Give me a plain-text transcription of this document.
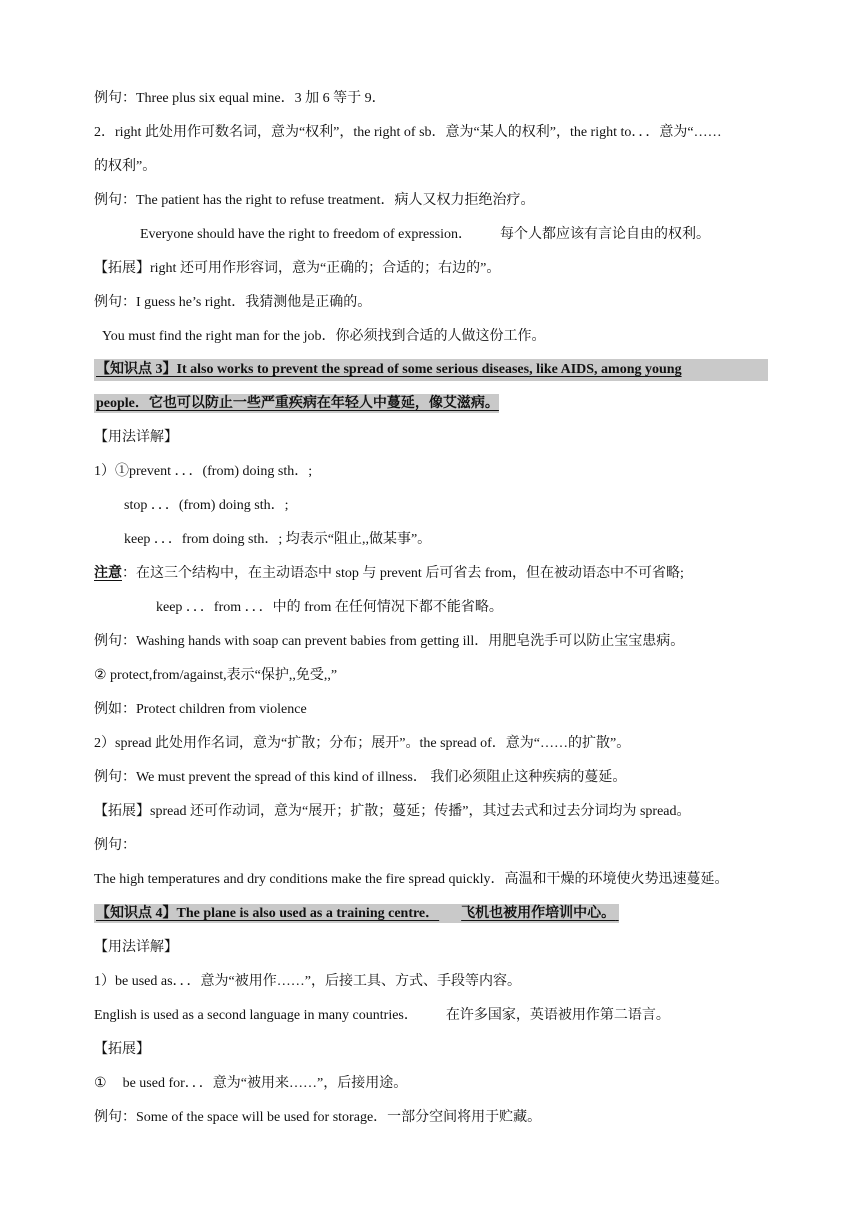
例句：Three plus six equal mine．3 加 6 等于 9．
2．right 此处用作可数名词，意为“权利”，the right of sb．意为“某人的权利”，the right to．．．意为“……
的权利”。
例句：The patient has the right to refuse treatment．病人又权力拒绝治疗。
Everyone should have the right to freedom of expression． 每个人都应该有言论自由的权利。
【拓展】right 还可用作形容词，意为“正确的；合适的；右边的”。
例句：I guess he’s right．我猜测他是正确的。
You must find the right man for the job．你必须找到合适的人做这份工作。
【知识点 3】It also works to prevent the spread of some serious diseases, like AIDS, among young
people．它也可以防止一些严重疾病在年轻人中蔓延，像艾滋病。
【用法详解】
1）①prevent ．．．(from) doing sth．;
stop ．．．(from) doing sth．;
keep ．．．from doing sth．; 均表示“阻止,,做某事”。
注意：在这三个结构中，在主动语态中 stop 与 prevent 后可省去 from，但在被动语态中不可省略;
keep ．．．from ．．．中的 from 在任何情况下都不能省略。
例句：Washing hands with soap can prevent babies from getting ill．用肥皂洗手可以防止宝宝患病。
② protect,from/against,表示“保护,,免受,,”
例如：Protect children from violence
2）spread 此处用作名词，意为“扩散；分布；展开”。the spread of．意为“……的扩散”。
例句：We must prevent the spread of this kind of illness． 我们必须阻止这种疾病的蔓延。
【拓展】spread 还可作动词，意为“展开；扩散；蔓延；传播”，其过去式和过去分词均为 spread。
例句：
The high temperatures and dry conditions make the fire spread quickly．高温和干燥的环境使火势迅速蔓延。
【知识点 4】The plane is also used as a training centre． 飞机也被用作培训中心。
【用法详解】
1）be used as．．．意为“被用作……”，后接工具、方式、手段等内容。
English is used as a second language in many countries． 在许多国家，英语被用作第二语言。
【拓展】
① be used for．．．意为“被用来……”，后接用途。
例句：Some of the space will be used for storage．一部分空间将用于贮藏。
